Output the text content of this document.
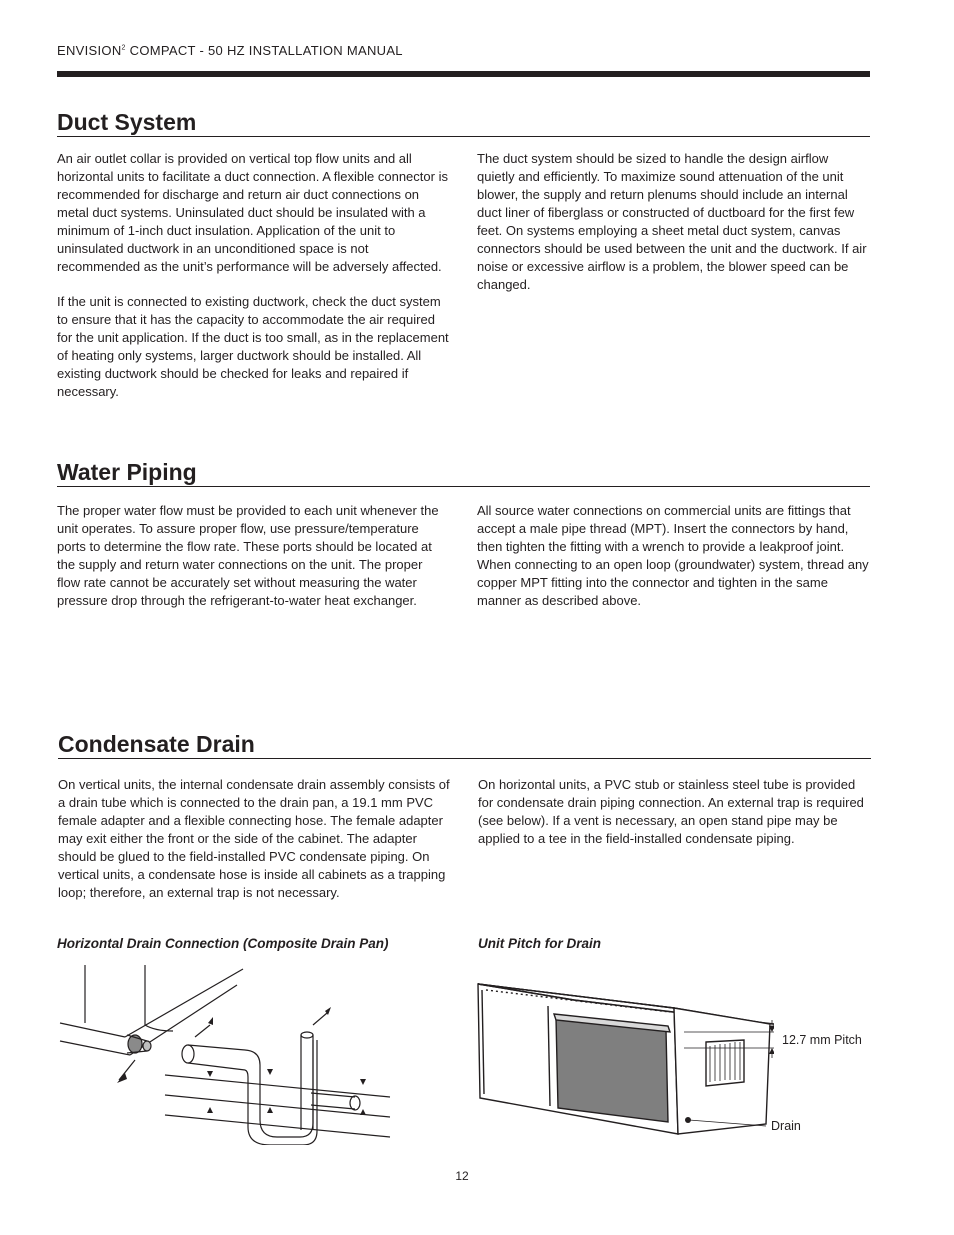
ENVISION$^2$ COMPACT - 50 HZ INSTALLATION MANUAL
Duct System

An air outlet collar is provided on vertical top flow units and all horizontal units to facilitate a duct connection. A flexible connector is recommended for discharge and return air duct connections on metal duct systems. Uninsulated duct should be insulated with a minimum of 1-inch duct insulation. Application of the unit to uninsulated ductwork in an unconditioned space is not recommended as the unit’s performance will be adversely affected.

If the unit is connected to existing ductwork, check the duct system to ensure that it has the capacity to accommodate the air required for the unit application. If the duct is too small, as in the replacement of heating only systems, larger ductwork should be installed. All existing ductwork should be checked for leaks and repaired if necessary.

The duct system should be sized to handle the design airflow quietly and efficiently. To maximize sound attenuation of the unit blower, the supply and return plenums should include an internal duct liner of fiberglass or constructed of ductboard for the first few feet. On systems employing a sheet metal duct system, canvas connectors should be used between the unit and the ductwork. If air noise or excessive airflow is a problem, the blower speed can be changed.

Water Piping

The proper water flow must be provided to each unit whenever the unit operates. To assure proper flow, use pressure/temperature ports to determine the flow rate. These ports should be located at the supply and return water connections on the unit. The proper flow rate cannot be accurately set without measuring the water pressure drop through the refrigerant-to-water heat exchanger.

All source water connections on commercial units are fittings that accept a male pipe thread (MPT). Insert the connectors by hand, then tighten the fitting with a wrench to provide a leakproof joint. When connecting to an open loop (groundwater) system, thread any copper MPT fitting into the connector and tighten in the same manner as described above.

Condensate Drain

On vertical units, the internal condensate drain assembly consists of a drain tube which is connected to the drain pan, a 19.1 mm PVC female adapter and a flexible connecting hose. The female adapter may exit either the front or the side of the cabinet. The adapter should be glued to the field-installed PVC condensate piping. On vertical units, a condensate hose is inside all cabinets as a trapping loop; therefore, an external trap is not necessary.

On horizontal units, a PVC stub or stainless steel tube is provided for condensate drain piping connection. An external trap is required (see below). If a vent is necessary, an open stand pipe may be applied to a tee in the field-installed condensate piping.

Horizontal Drain Connection (Composite Drain Pan)	Unit Pitch for Drain
12.7 mm Pitch
Drain
12
